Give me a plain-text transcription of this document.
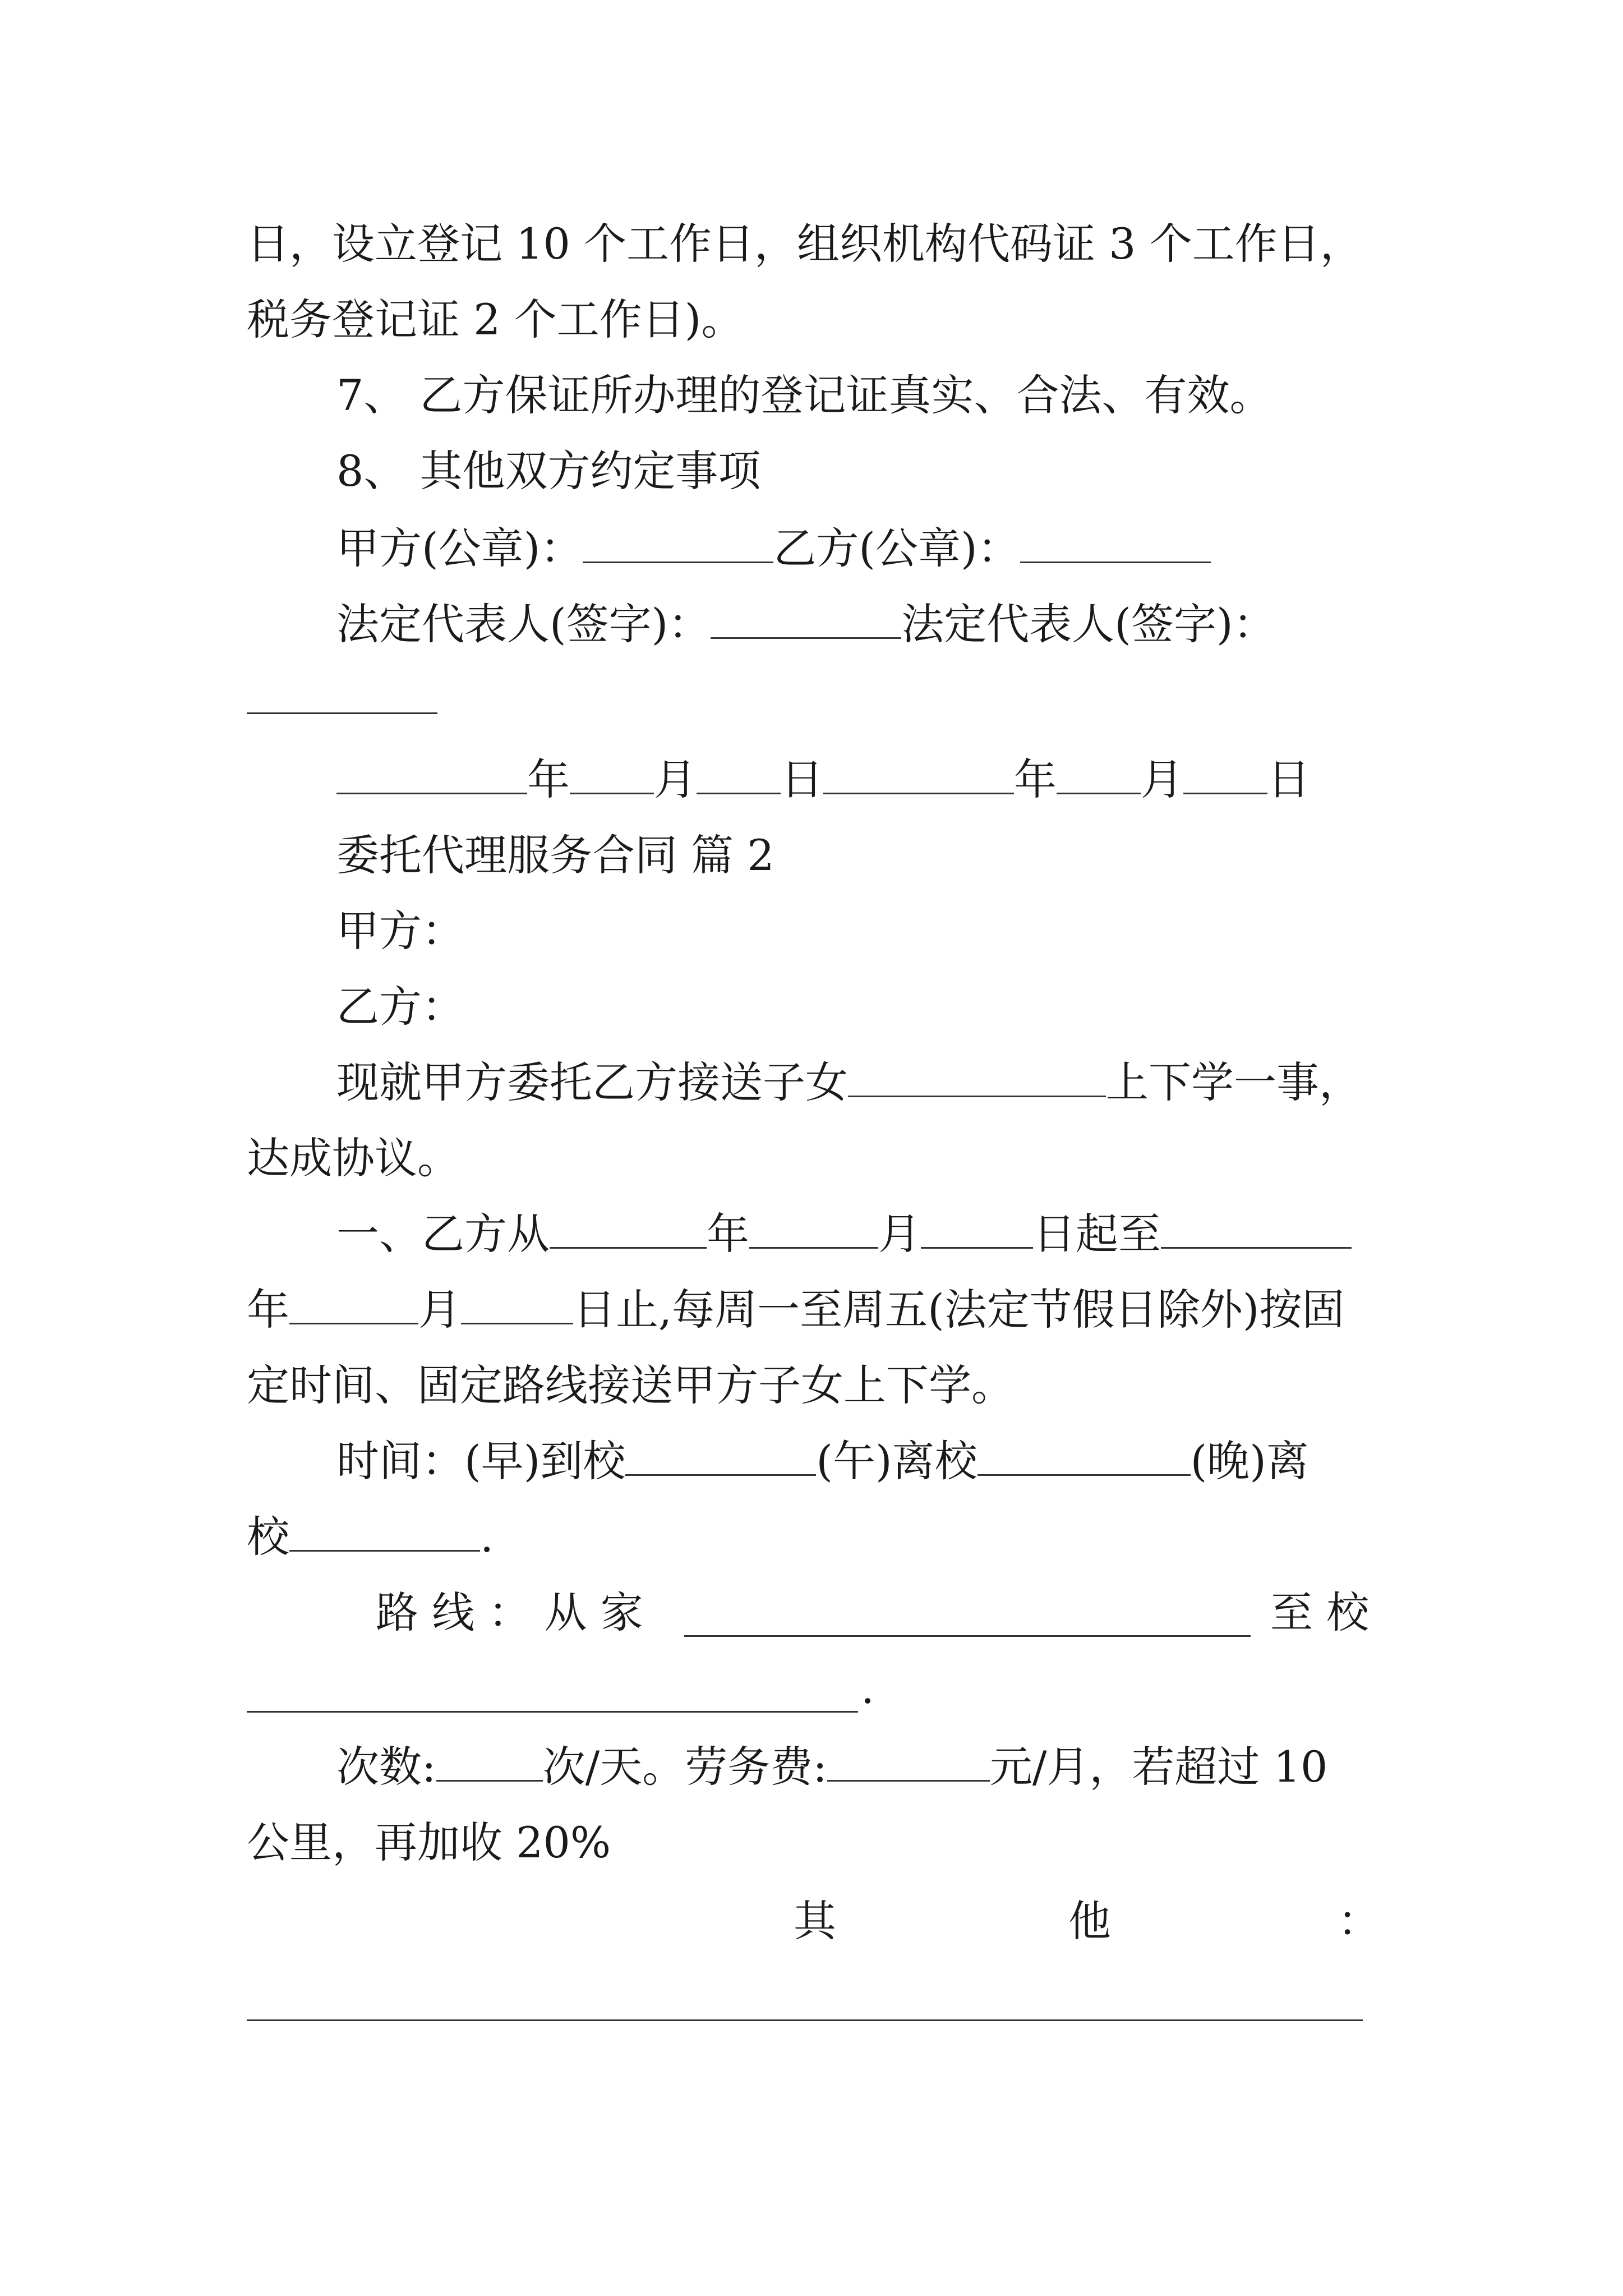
日，设立登记 10 个工作日，组织机构代码证 3 个工作日，
税务登记证 2 个工作日)。
7、 乙方保证所办理的登记证真实、合法、有效。
8、 其他双方约定事项
甲方(公章)：	乙方(公章)：
法定代表人(签字)：	法定代表人(签字)：
年 月 日	年 月 日
委托代理服务合同 篇 2
甲方：
乙方：
现就甲方委托乙方接送子女	上下学一事，
达成协议。
一、乙方从	年	月	日起至
年	月	日止,每周一至周五(法定节假日除外)按固
定时间、固定路线接送甲方子女上下学。
时间：(早)到校	(午)离校	(晚)离
校	.
路 线 ： 从 家	至 校
.
次数:	次/天。劳务费:	元/月，若超过 10
公里，再加收 20%
其	他	：
